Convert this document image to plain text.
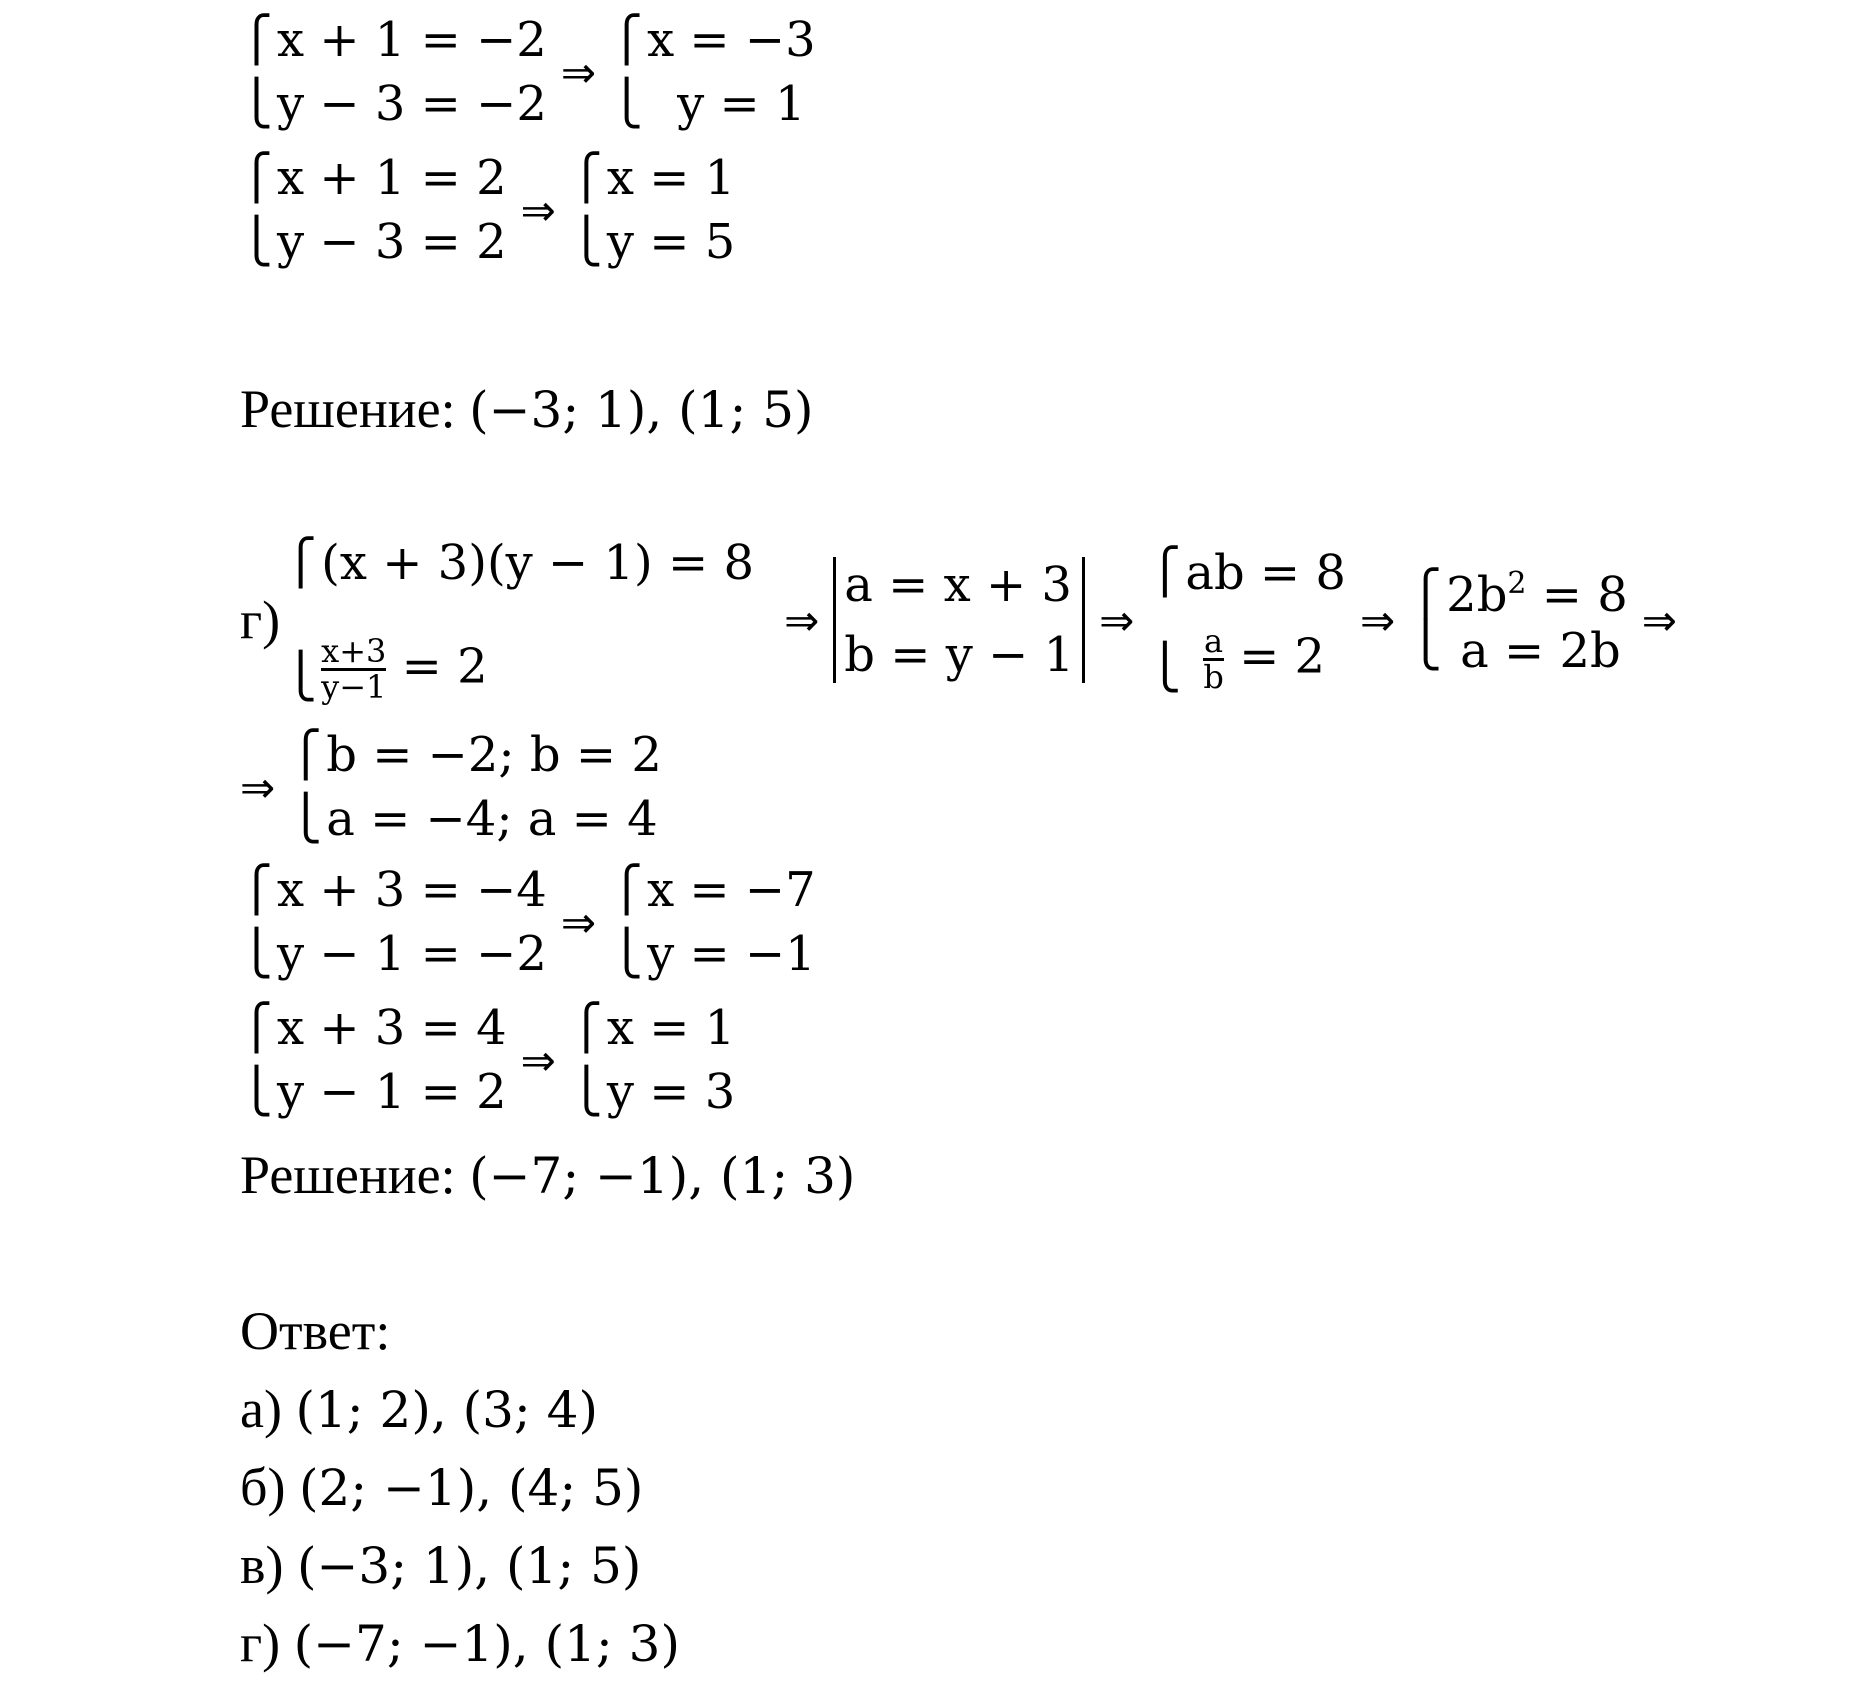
⎧
⎩
x + 1 = −2
y − 3 = −2
⇒
⎧
⎩
x = −3
y = 1
⎧
⎩
x + 1 = 2
y − 3 = 2
⇒
⎧
⎩
x = 1
y = 5
Решение: (−3; 1), (1; 5)
г)
⎧
⎩
(x + 3)(y − 1) = 8
$\frac{x+3}{y-1} = 2$
⇒
a = x + 3
b = y − 1
⇒
⎧
⎩
ab = 8
$\frac{a}{b} = 2$
⇒
⎧
⎩
$2b^2 = 8$
a = 2b
⇒
⇒
⎧
⎩
b = −2; b = 2
a = −4; a = 4
⎧
⎩
x + 3 = −4
y − 1 = −2
⇒
⎧
⎩
x = −7
y = −1
⎧
⎩
x + 3 = 4
y − 1 = 2
⇒
⎧
⎩
x = 1
y = 3
Решение: (−7; −1), (1; 3)
Ответ:
а) (1; 2), (3; 4)
б) (2; −1), (4; 5)
в) (−3; 1), (1; 5)
г) (−7; −1), (1; 3)
